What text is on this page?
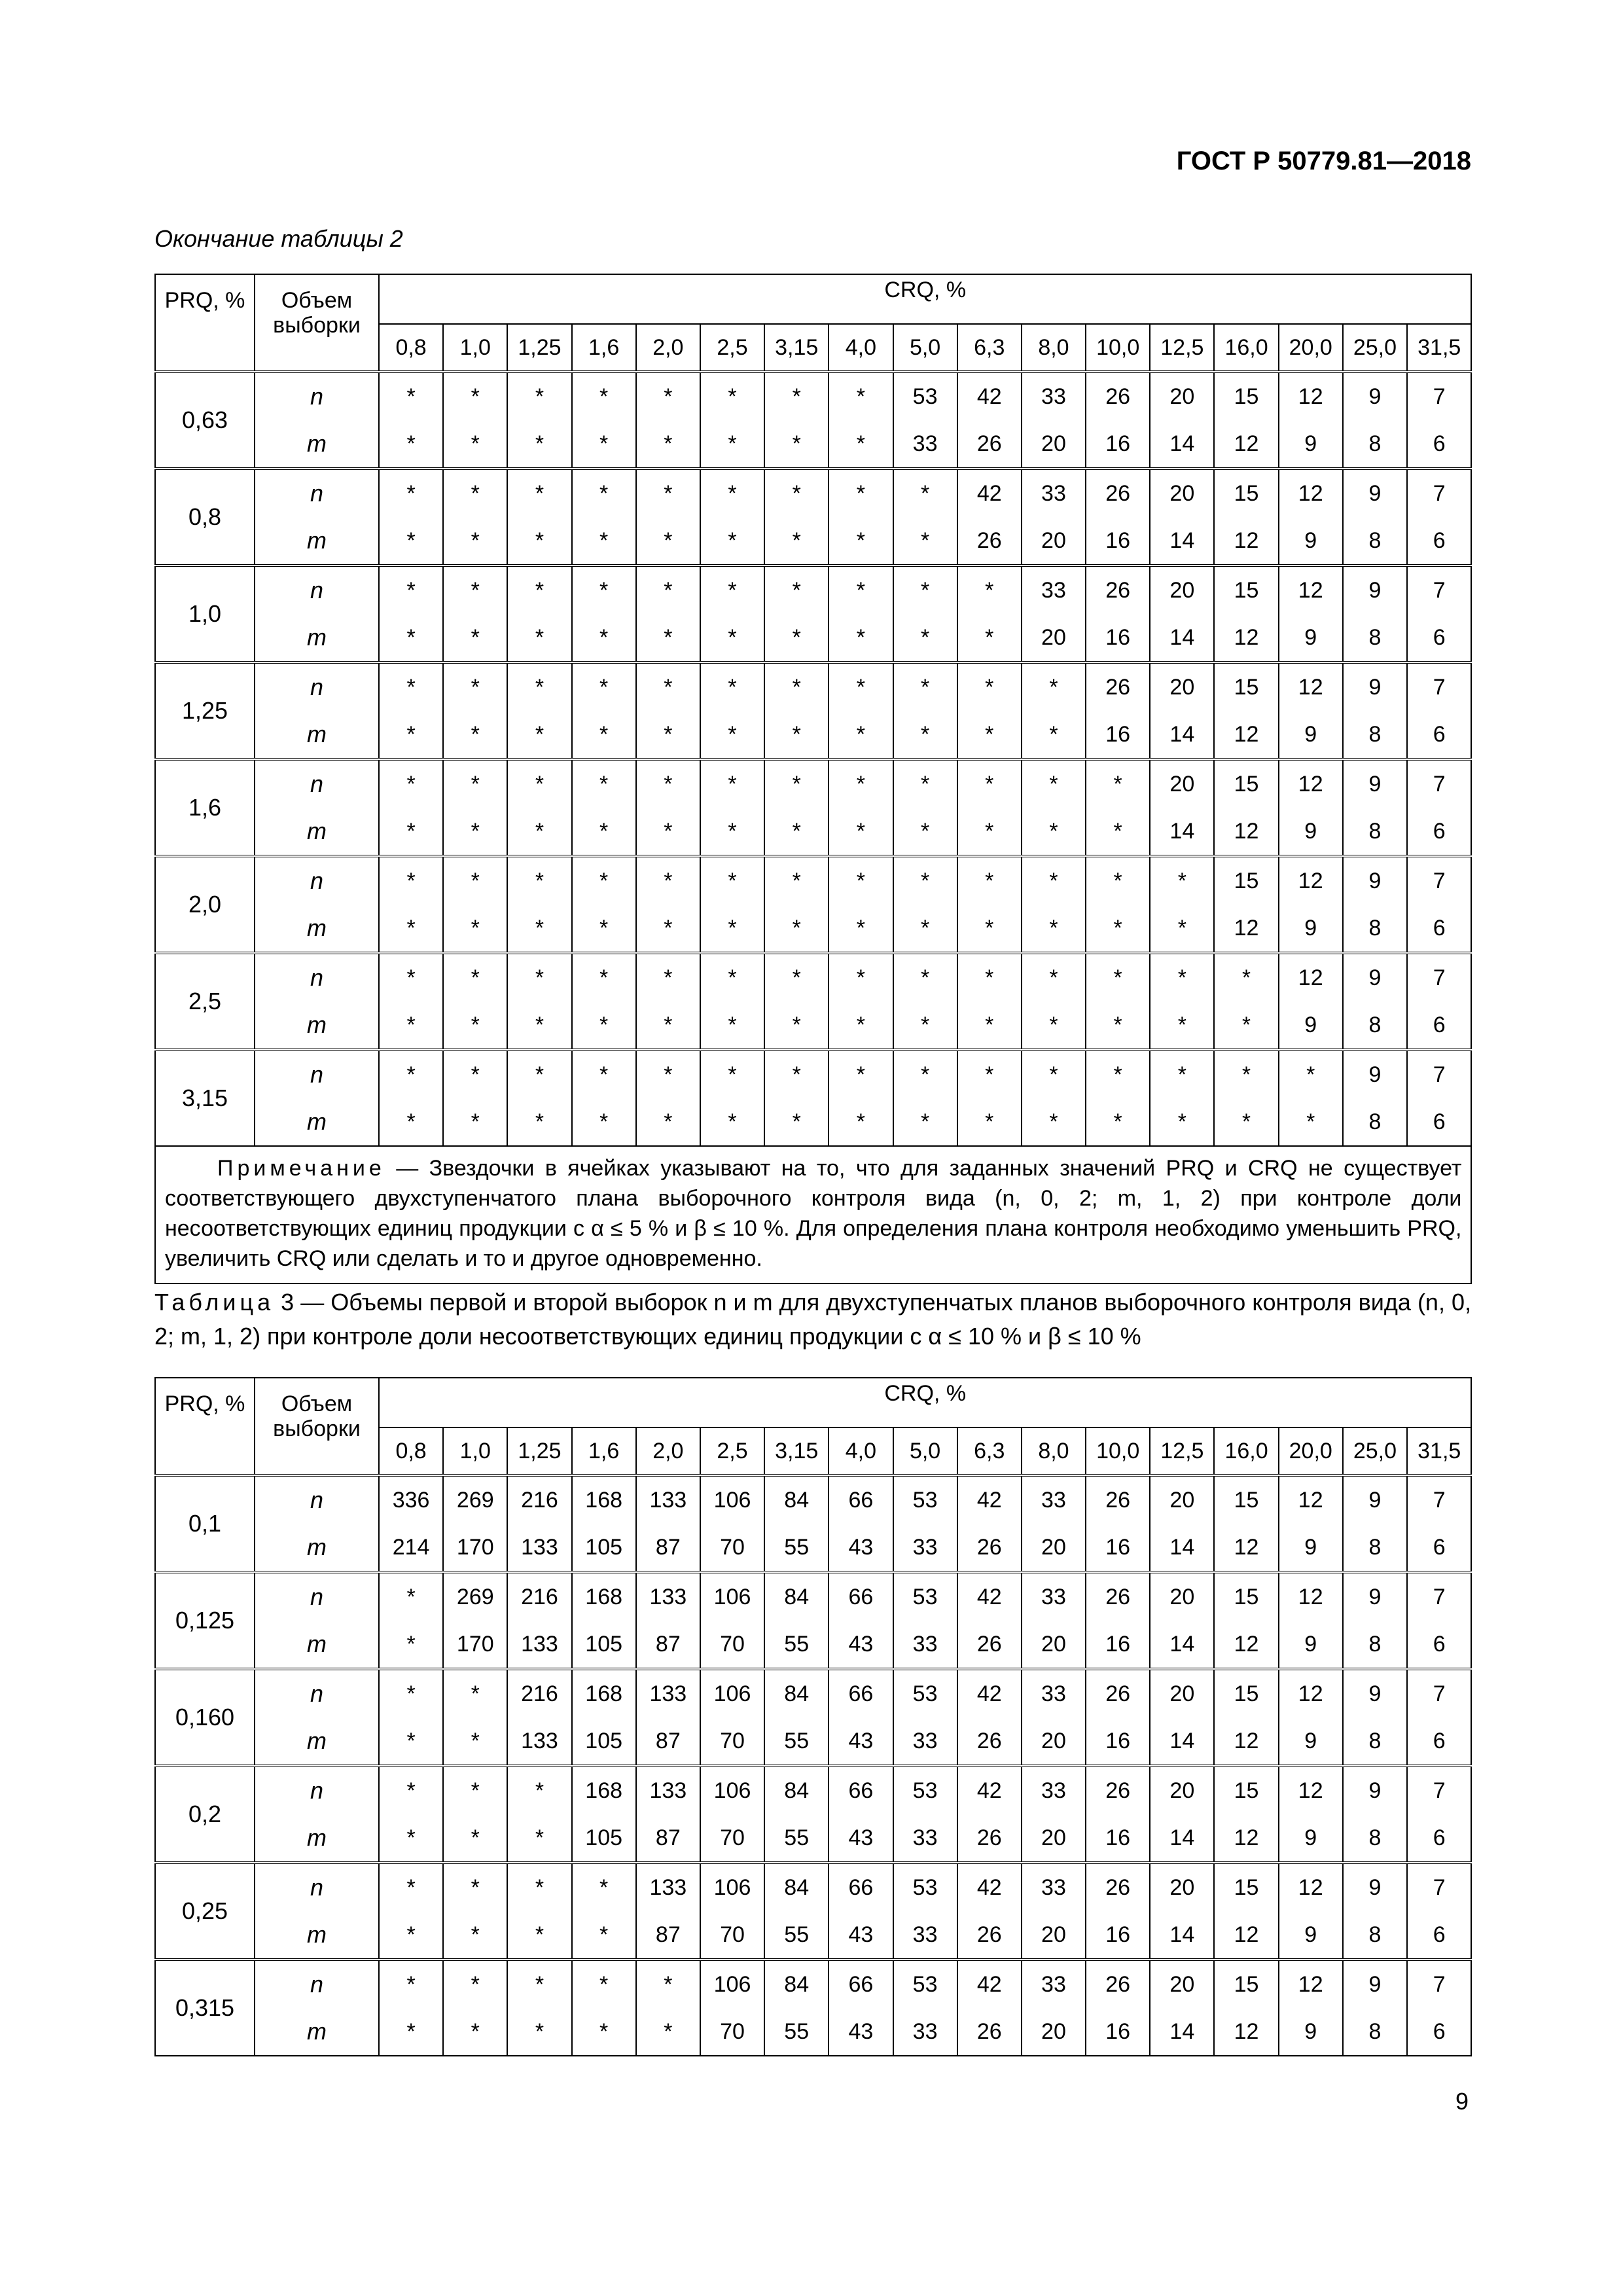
ГОСТ Р 50779.81—2018
Окончание таблицы 2
PRQ, %	Объем выборки	CRQ, %																
		0,8	1,0	1,25	1,6	2,0	2,5	3,15	4,0	5,0	6,3	8,0	10,0	12,5	16,0	20,0	25,0	31,5
0,63	n	*	*	*	*	*	*	*	*	53	42	33	26	20	15	12	9	7
	m	*	*	*	*	*	*	*	*	33	26	20	16	14	12	9	8	6
0,8	n	*	*	*	*	*	*	*	*	*	42	33	26	20	15	12	9	7
	m	*	*	*	*	*	*	*	*	*	26	20	16	14	12	9	8	6
1,0	n	*	*	*	*	*	*	*	*	*	*	33	26	20	15	12	9	7
	m	*	*	*	*	*	*	*	*	*	*	20	16	14	12	9	8	6
1,25	n	*	*	*	*	*	*	*	*	*	*	*	26	20	15	12	9	7
	m	*	*	*	*	*	*	*	*	*	*	*	16	14	12	9	8	6
1,6	n	*	*	*	*	*	*	*	*	*	*	*	*	20	15	12	9	7
	m	*	*	*	*	*	*	*	*	*	*	*	*	14	12	9	8	6
2,0	n	*	*	*	*	*	*	*	*	*	*	*	*	*	15	12	9	7
	m	*	*	*	*	*	*	*	*	*	*	*	*	*	12	9	8	6
2,5	n	*	*	*	*	*	*	*	*	*	*	*	*	*	*	12	9	7
	m	*	*	*	*	*	*	*	*	*	*	*	*	*	*	9	8	6
3,15	n	*	*	*	*	*	*	*	*	*	*	*	*	*	*	*	9	7
	m	*	*	*	*	*	*	*	*	*	*	*	*	*	*	*	8	6
Примечание — Звездочки в ячейках указывают на то, что для заданных значений PRQ и CRQ не существует соответствующего двухступенчатого плана выборочного контроля вида (n, 0, 2; m, 1, 2) при контроле доли несоответствующих единиц продукции с α ≤ 5 % и β ≤ 10 %. Для определения плана контроля необходимо уменьшить PRQ, увеличить CRQ или сделать и то и другое одновременно.																		
Таблица 3 — Объемы первой и второй выборок n и m для двухступенчатых планов выборочного контроля вида (n, 0, 2; m, 1, 2) при контроле доли несоответствующих единиц продукции с α ≤ 10 % и β ≤ 10 %
PRQ, %	Объем выборки	CRQ, %																
		0,8	1,0	1,25	1,6	2,0	2,5	3,15	4,0	5,0	6,3	8,0	10,0	12,5	16,0	20,0	25,0	31,5
0,1	n	336	269	216	168	133	106	84	66	53	42	33	26	20	15	12	9	7
	m	214	170	133	105	87	70	55	43	33	26	20	16	14	12	9	8	6
0,125	n	*	269	216	168	133	106	84	66	53	42	33	26	20	15	12	9	7
	m	*	170	133	105	87	70	55	43	33	26	20	16	14	12	9	8	6
0,160	n	*	*	216	168	133	106	84	66	53	42	33	26	20	15	12	9	7
	m	*	*	133	105	87	70	55	43	33	26	20	16	14	12	9	8	6
0,2	n	*	*	*	168	133	106	84	66	53	42	33	26	20	15	12	9	7
	m	*	*	*	105	87	70	55	43	33	26	20	16	14	12	9	8	6
0,25	n	*	*	*	*	133	106	84	66	53	42	33	26	20	15	12	9	7
	m	*	*	*	*	87	70	55	43	33	26	20	16	14	12	9	8	6
0,315	n	*	*	*	*	*	106	84	66	53	42	33	26	20	15	12	9	7
	m	*	*	*	*	*	70	55	43	33	26	20	16	14	12	9	8	6
9
